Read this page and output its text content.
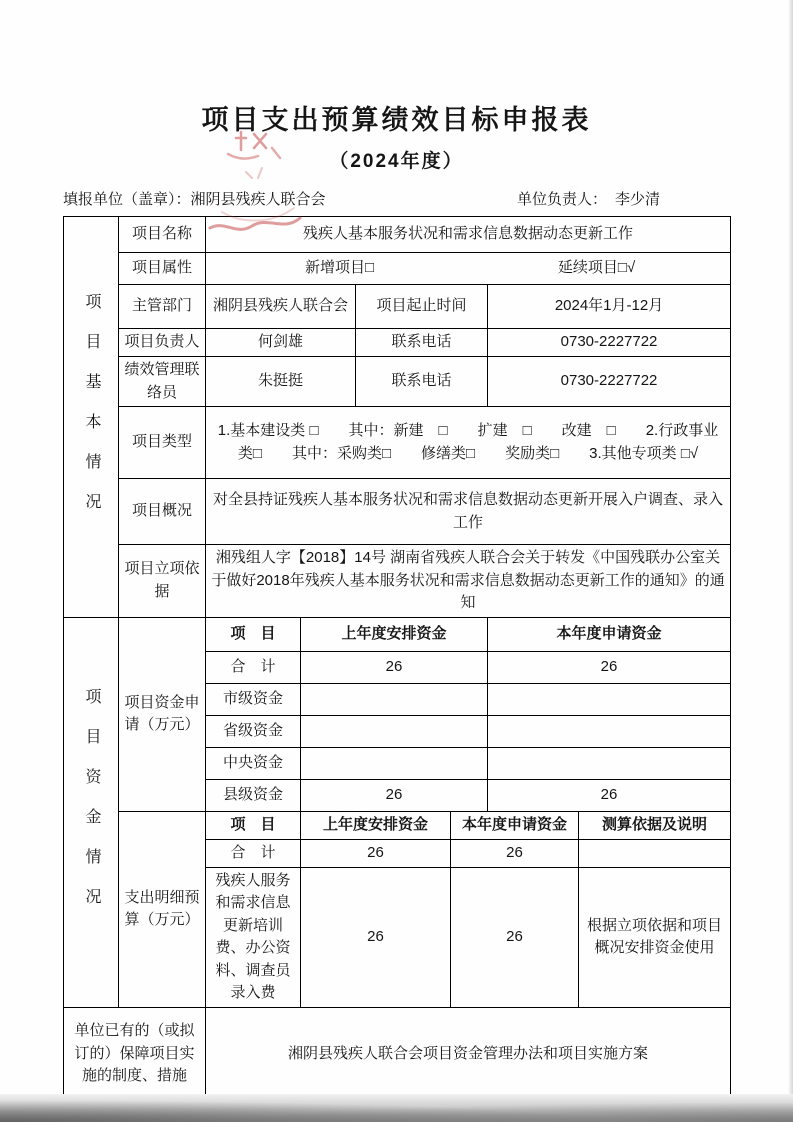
项目支出预算绩效目标申报表
（2024年度）
填报单位（盖章）： 湘阴县残疾人联合会	单位负责人： 李少清
项目基本情况	项目名称	残疾人基本服务状况和需求信息数据动态更新工作					
	项目属性	新增项目□ 延续项目□√					

	主管部门	湘阴县残疾人联合会		项目起止时间		2024年1月-12月	
	项目负责人	何剑雄		联系电话		0730-2227722	
	绩效管理联络员	朱挺挺		联系电话		0730-2227722	
	项目类型	1.基本建设类 □　　其中：新建　□　　扩建　□　　改建　□　　2.行政事业类□　　其中：采购类□　　修缮类□　　奖励类□　　3.其他专项类 □√					
	项目概况	对全县持证残疾人基本服务状况和需求信息数据动态更新开展入户调查、录入工作					
	项目立项依据	湘残组人字【2018】14号 湖南省残疾人联合会关于转发《中国残联办公室关于做好2018年残疾人基本服务状况和需求信息数据动态更新工作的通知》的通知					
项目资金情况	项目资金申请（万元）	项　目	上年度安排资金			本年度申请资金	
		合　计	26			26	
		市级资金					
		省级资金					
		中央资金					
		县级资金	26			26	
	支出明细预算（万元）	项　目	上年度安排资金		本年度申请资金		测算依据及说明
		合　计	26		26		
		残疾人服务和需求信息更新培训费、办公资料、调查员录入费	26		26		根据立项依据和项目概况安排资金使用
单位已有的（或拟订的）保障项目实施的制度、措施		湘阴县残疾人联合会项目资金管理办法和项目实施方案					
